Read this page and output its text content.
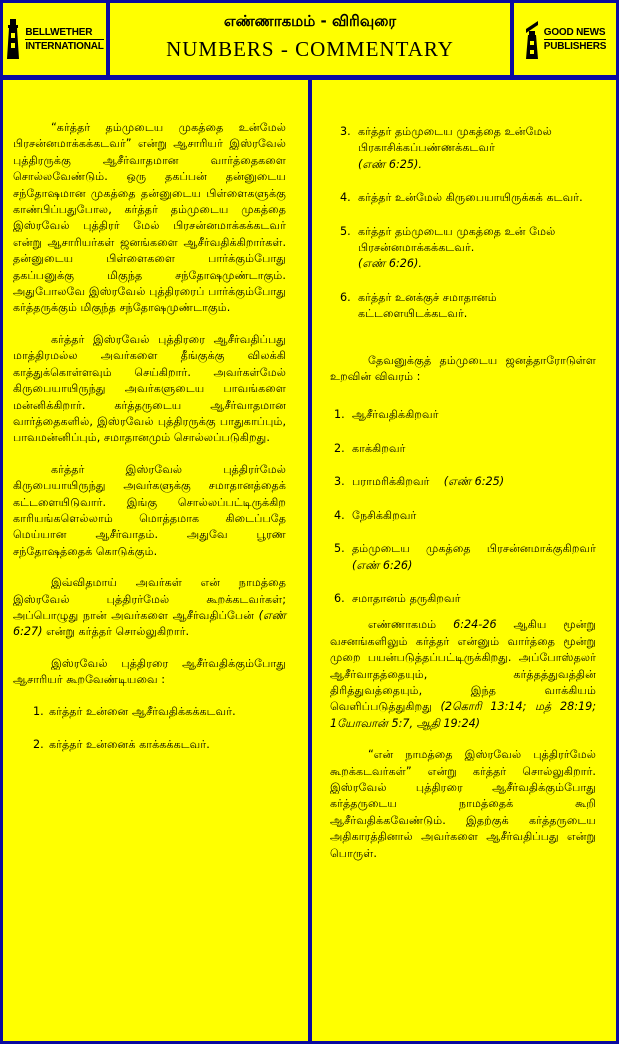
BELLWETHER
INTERNATIONAL
எண்ணாகமம் - விரிவுரை
NUMBERS - COMMENTARY
GOOD NEWS
PUBLISHERS

“கர்த்தர் தம்முடைய முகத்தை உன்மேல் பிரசன்னமாக்கக்கடவர்” என்று ஆசாரியர் இஸ்ரவேல் புத்திரருக்கு ஆசீர்வாதமான வார்த்தைகளை சொல்லவேண்டும். ஒரு தகப்பன் தன்னுடைய சந்தோஷமான முகத்தை தன்னுடைய பிள்ளைகளுக்கு காண்பிப்பதுபோல, கர்த்தர் தம்முடைய முகத்தை இஸ்ரவேல் புத்திரர் மேல் பிரசன்னமாக்கக்கடவர் என்று ஆசாரியர்கள் ஜனங்களை ஆசீர்வதிக்கிறார்கள். தன்னுடைய பிள்ளைகளை பார்க்கும்போது தகப்பனுக்கு மிகுந்த சந்தோஷமுண்டாகும். அதுபோலவே இஸ்ரவேல் புத்திரரைப் பார்க்கும்போது கர்த்தருக்கும் மிகுந்த சந்தோஷமுண்டாகும்.

கர்த்தர் இஸ்ரவேல் புத்திரரை ஆசீர்வதிப்பது மாத்திரமல்ல அவர்களை தீங்குக்கு விலக்கி காத்துக்கொள்ளவும் செய்கிறார். அவர்கள்மேல் கிருபையாயிருந்து அவர்களுடைய பாவங்களை மன்னிக்கிறார். கர்த்தருடைய ஆசீர்வாதமான வார்த்தைகளில், இஸ்ரவேல் புத்திரருக்கு பாதுகாப்பும், பாவமன்னிப்பும், சமாதானமும் சொல்லப்படுகிறது.

கர்த்தர் இஸ்ரவேல் புத்திரர்மேல் கிருபையாயிருந்து அவர்களுக்கு சமாதானத்தைக் கட்டளையிடுவார். இங்கு சொல்லப்பட்டிருக்கிற காரியங்களெல்லாம் மொத்தமாக கிடைப்பதே மெய்யான ஆசீர்வாதம். அதுவே பூரண சந்தோஷத்தைக் கொடுக்கும்.

இவ்விதமாய் அவர்கள் என் நாமத்தை இஸ்ரவேல் புத்திரர்மேல் கூறக்கடவர்கள்; அப்பொழுது நான் அவர்களை ஆசீர்வதிப்பேன் (எண் 6:27) என்று கர்த்தர் சொல்லுகிறார்.

இஸ்ரவேல் புத்திரரை ஆசீர்வதிக்கும்போது ஆசாரியர் கூறவேண்டியவை :

1. கர்த்தர் உன்னை ஆசீர்வதிக்கக்கடவர்.
2. கர்த்தர் உன்னைக் காக்கக்கடவர்.
3. கர்த்தர் தம்முடைய முகத்தை உன்மேல் பிரகாசிக்கப்பண்ணக்கடவர்
(எண் 6:25).
4. கர்த்தர் உன்மேல் கிருபையாயிருக்கக் கடவர்.
5. கர்த்தர் தம்முடைய முகத்தை உன் மேல் பிரசன்னமாக்கக்கடவர்.
(எண் 6:26).
6. கர்த்தர் உனக்குச் சமாதானம் கட்டளையிடக்கடவர்.

தேவனுக்குத் தம்முடைய ஜனத்தாரோடுள்ள உறவின் விவரம் :

1. ஆசீர்வதிக்கிறவர்
2. காக்கிறவர்
3. பராமரிக்கிறவர் (எண் 6:25)
4. நேசிக்கிறவர்
5. தம்முடைய முகத்தை பிரசன்னமாக்குகிறவர் (எண் 6:26)
6. சமாதானம் தருகிறவர்

எண்ணாகமம் 6:24-26 ஆகிய மூன்று வசனங்களிலும் கர்த்தர் என்னும் வார்த்தை மூன்று முறை பயன்படுத்தப்பட்டிருக்கிறது. அப்போஸ்தலர் ஆசீர்வாதத்தையும், கர்த்தத்துவத்தின் திரித்துவத்தையும், இந்த வாக்கியம் வெளிப்படுத்துகிறது (2கொரி 13:14; மத் 28:19; 1யோவான் 5:7, ஆதி 19:24)

“என் நாமத்தை இஸ்ரவேல் புத்திரர்மேல் கூறக்கடவர்கள்” என்று கர்த்தர் சொல்லுகிறார். இஸ்ரவேல் புத்திரரை ஆசீர்வதிக்கும்போது கர்த்தருடைய நாமத்தைக் கூறி ஆசீர்வதிக்கவேண்டும். இதற்குக் கர்த்தருடைய அதிகாரத்தினால் அவர்களை ஆசீர்வதிப்பது என்று பொருள்.
